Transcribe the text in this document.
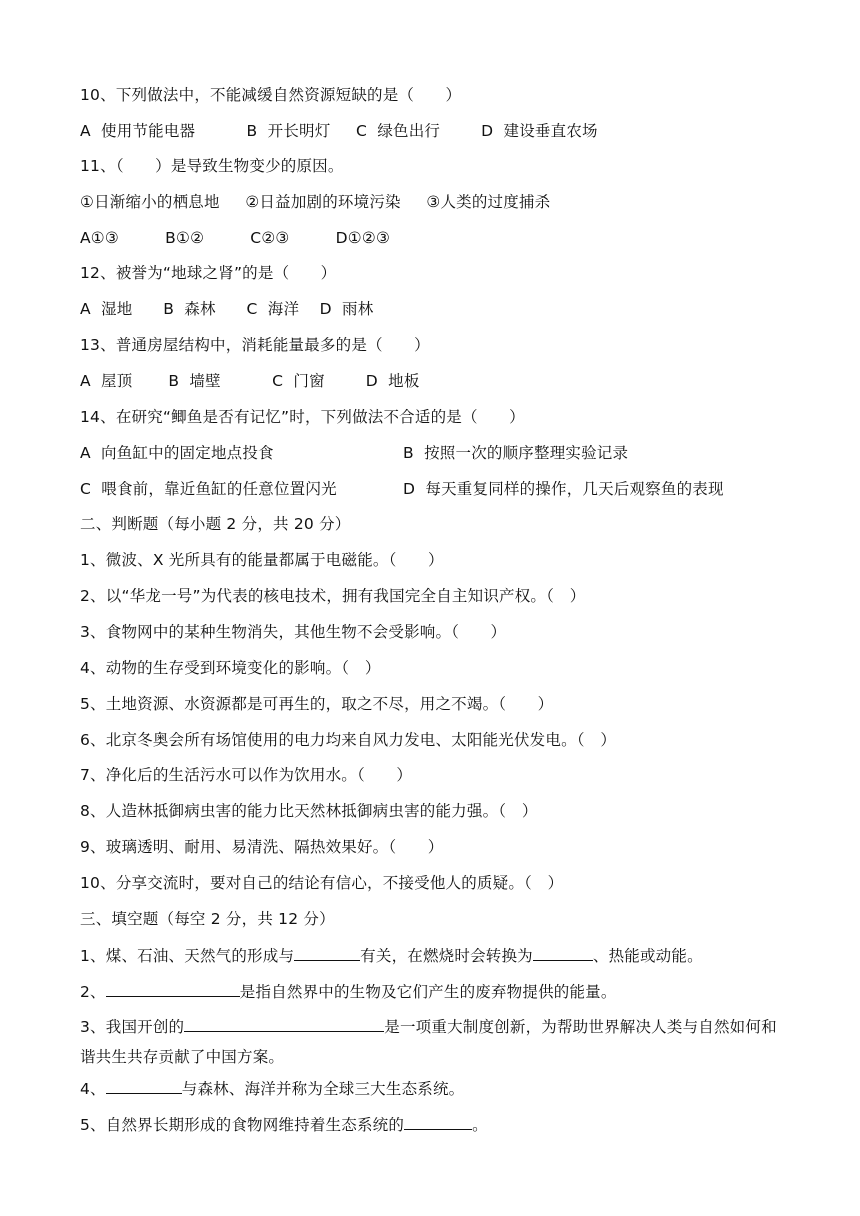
10、下列做法中，不能减缓自然资源短缺的是（　　）
A  使用节能电器          B  开长明灯     C  绿色出行        D  建设垂直农场
11、（　　）是导致生物变少的原因。
①日渐缩小的栖息地     ②日益加剧的环境污染     ③人类的过度捕杀
A①③         B①②         C②③         D①②③
12、被誉为“地球之肾”的是（　　）
A  湿地      B  森林      C  海洋    D  雨林
13、普通房屋结构中，消耗能量最多的是（　　）
A  屋顶       B  墙壁          C  门窗        D  地板
14、在研究“鲫鱼是否有记忆”时，下列做法不合适的是（　　）
A  向鱼缸中的固定地点投食	B  按照一次的顺序整理实验记录
C  喂食前，靠近鱼缸的任意位置闪光	D  每天重复同样的操作，几天后观察鱼的表现
二、判断题（每小题 2 分，共 20 分）
1、微波、X 光所具有的能量都属于电磁能。（　　）
2、以“华龙一号”为代表的核电技术，拥有我国完全自主知识产权。（　）
3、食物网中的某种生物消失，其他生物不会受影响。（　　）
4、动物的生存受到环境变化的影响。（　）
5、土地资源、水资源都是可再生的，取之不尽，用之不竭。（　　）
6、北京冬奥会所有场馆使用的电力均来自风力发电、太阳能光伏发电。（　）
7、净化后的生活污水可以作为饮用水。（　　）
8、人造林抵御病虫害的能力比天然林抵御病虫害的能力强。（　）
9、玻璃透明、耐用、易清洗、隔热效果好。（　　）
10、分享交流时，要对自己的结论有信心，不接受他人的质疑。（　）
三、填空题（每空 2 分，共 12 分）
1、煤、石油、天然气的形成与	有关，在燃烧时会转换为	、热能或动能。
2、	是指自然界中的生物及它们产生的废弃物提供的能量。
3、我国开创的	是一项重大制度创新，为帮助世界解决人类与自然如何和谐共生共存贡献了中国方案。
4、	与森林、海洋并称为全球三大生态系统。
5、自然界长期形成的食物网维持着生态系统的	。
